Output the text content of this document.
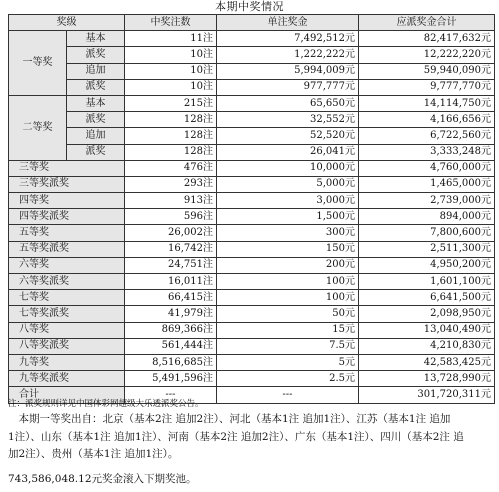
本期中奖情况
奖级		中奖注数	单注奖金	应派奖金合计
一等奖	基本	11注	7,492,512元	82,417,632元
	派奖	10注	1,222,222元	12,222,220元
	追加	10注	5,994,009元	59,940,090元
	派奖	10注	977,777元	9,777,770元
二等奖	基本	215注	65,650元	14,114,750元
	派奖	128注	32,552元	4,166,656元
	追加	128注	52,520元	6,722,560元
	派奖	128注	26,041元	3,333,248元
三等奖		476注	10,000元	4,760,000元
三等奖派奖		293注	5,000元	1,465,000元
四等奖		913注	3,000元	2,739,000元
四等奖派奖		596注	1,500元	894,000元
五等奖		26,002注	300元	7,800,600元
五等奖派奖		16,742注	150元	2,511,300元
六等奖		24,751注	200元	4,950,200元
六等奖派奖		16,011注	100元	1,601,100元
七等奖		66,415注	100元	6,641,500元
七等奖派奖		41,979注	50元	2,098,950元
八等奖		869,366注	15元	13,040,490元
八等奖派奖		561,444注	7.5元	4,210,830元
九等奖		8,516,685注	5元	42,583,425元
九等奖派奖		5,491,596注	2.5元	13,728,990元
合计		---	---	301,720,311元
注：派奖规则详见中国体彩网超级大乐透派奖公告。
本期一等奖出自：北京（基本2注 追加2注）、河北（基本1注 追加1注）、江苏（基本1注 追加
1注）、山东（基本1注 追加1注）、河南（基本2注 追加2注）、广东（基本1注）、四川（基本2注 追
加2注）、贵州（基本1注 追加1注）。
743,586,048.12元奖金滚入下期奖池。
